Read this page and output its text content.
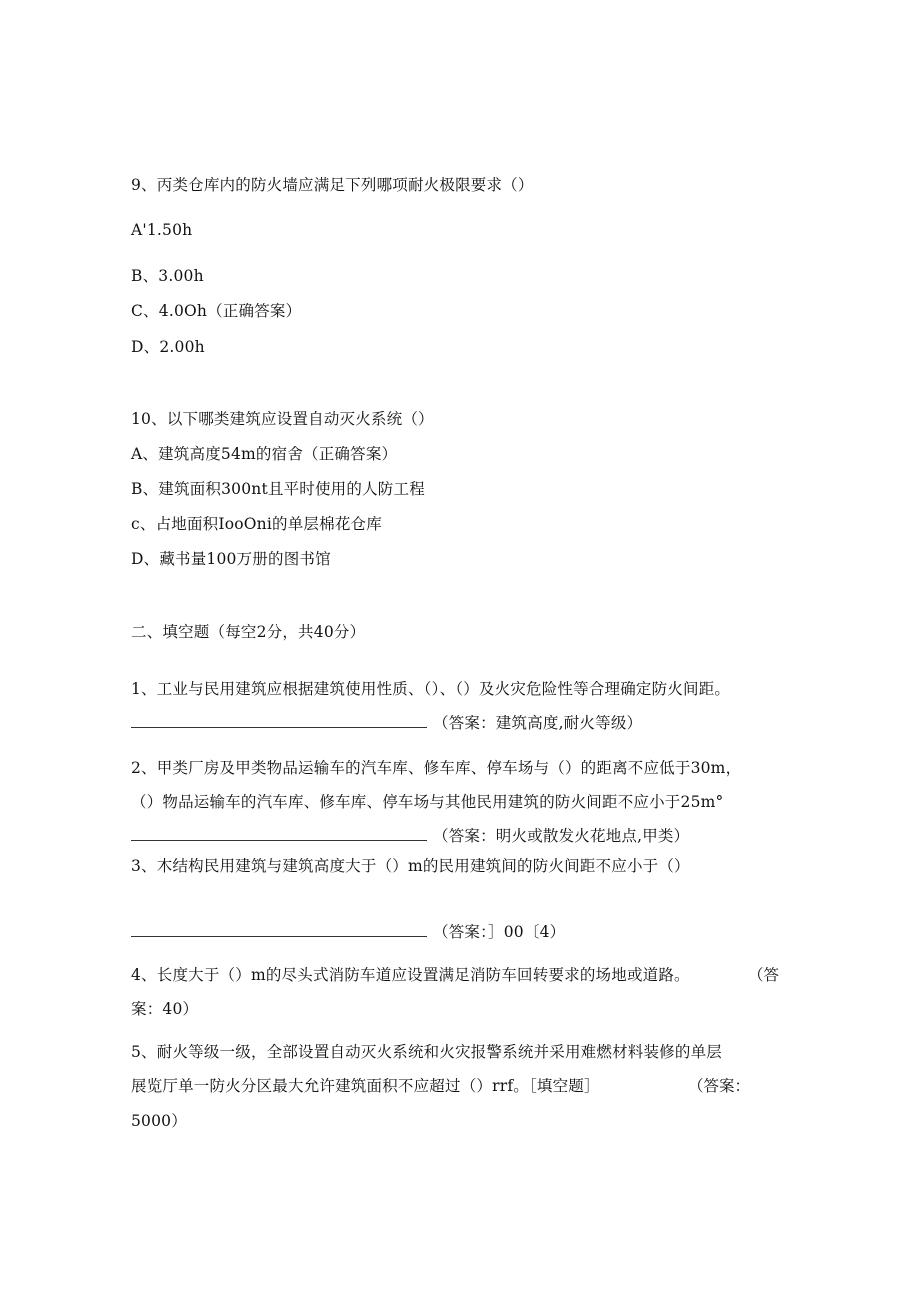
9、丙类仓库内的防火墙应满足下列哪项耐火极限要求（）
A'1.50h
B、3.00h
C、4.0Oh（正确答案）
D、2.00h
10、以下哪类建筑应设置自动灭火系统（）
A、建筑高度54m的宿舍（正确答案）
B、建筑面积300nt且平时使用的人防工程
c、占地面积IooOni的单层棉花仓库
D、藏书量100万册的图书馆
二、填空题（每空2分，共40分）
1、工业与民用建筑应根据建筑使用性质、（）、（）及火灾危险性等合理确定防火间距。
（答案：建筑高度,耐火等级）
2、甲类厂房及甲类物品运输车的汽车库、修车库、停车场与（）的距离不应低于30m，
（）物品运输车的汽车库、修车库、停车场与其他民用建筑的防火间距不应小于25m°
（答案：明火或散发火花地点,甲类）
3、木结构民用建筑与建筑高度大于（）m的民用建筑间的防火间距不应小于（）
（答案：］00〔4）
4、长度大于（）m的尽头式消防车道应设置满足消防车回转要求的场地或道路。	（答
案：40）
5、耐火等级一级，全部设置自动灭火系统和火灾报警系统并采用难燃材料装修的单层
展览厅单一防火分区最大允许建筑面积不应超过（）rrf。［填空题］	（答案：
5000）
